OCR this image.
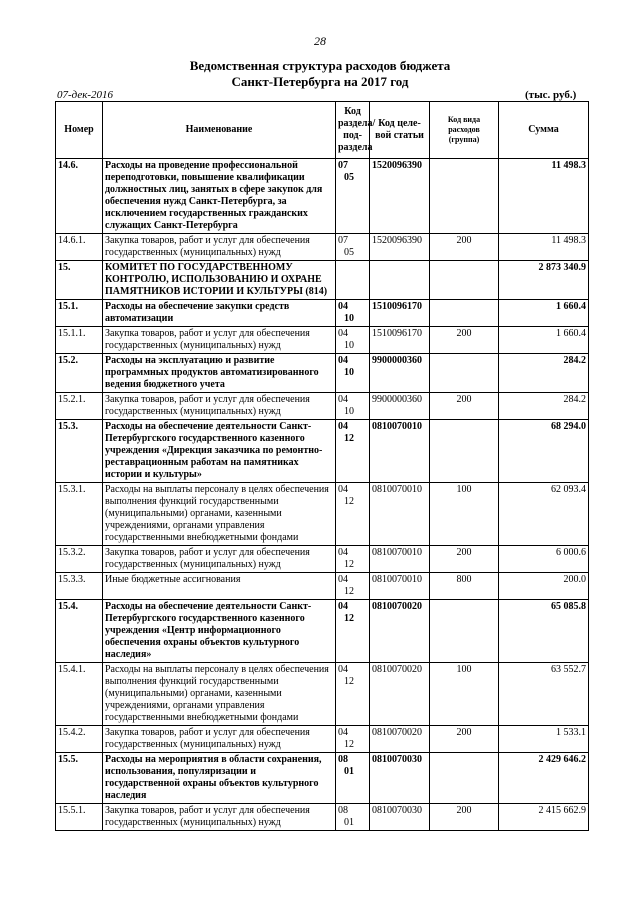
28
Ведомственная структура расходов бюджета
Санкт-Петербурга на 2017 год
07-дек-2016	(тыс. руб.)
Номер	Наименование	Код раздела/ под- раздела	Код целе- вой статьи	Код вида расходов (группа)	Сумма
14.6.	Расходы на проведение профессиональной переподготовки, повышение квалификации должностных лиц, занятых в сфере закупок для обеспечения нужд Санкт-Петербурга, за исключением государственных гражданских служащих Санкт-Петербурга	0705	1520096390		11 498.3
14.6.1.	Закупка товаров, работ и услуг для обеспечения государственных (муниципальных) нужд	0705	1520096390	200	11 498.3
15.	КОМИТЕТ ПО ГОСУДАРСТВЕННОМУ КОНТРОЛЮ, ИСПОЛЬЗОВАНИЮ И ОХРАНЕ ПАМЯТНИКОВ ИСТОРИИ И КУЛЬТУРЫ (814)				2 873 340.9
15.1.	Расходы на обеспечение закупки средств автоматизации	0410	1510096170		1 660.4
15.1.1.	Закупка товаров, работ и услуг для обеспечения государственных (муниципальных) нужд	0410	1510096170	200	1 660.4
15.2.	Расходы на эксплуатацию и развитие программных продуктов автоматизированного ведения бюджетного учета	0410	9900000360		284.2
15.2.1.	Закупка товаров, работ и услуг для обеспечения государственных (муниципальных) нужд	0410	9900000360	200	284.2
15.3.	Расходы на обеспечение деятельности Санкт-Петербургского государственного казенного учреждения «Дирекция заказчика по ремонтно-реставрационным работам на памятниках истории и культуры»	0412	0810070010		68 294.0
15.3.1.	Расходы на выплаты персоналу в целях обеспечения выполнения функций государственными (муниципальными) органами, казенными учреждениями, органами управления государственными внебюджетными фондами	0412	0810070010	100	62 093.4
15.3.2.	Закупка товаров, работ и услуг для обеспечения государственных (муниципальных) нужд	0412	0810070010	200	6 000.6
15.3.3.	Иные бюджетные ассигнования	0412	0810070010	800	200.0
15.4.	Расходы на обеспечение деятельности Санкт-Петербургского государственного казенного учреждения «Центр информационного обеспечения охраны объектов культурного наследия»	0412	0810070020		65 085.8
15.4.1.	Расходы на выплаты персоналу в целях обеспечения выполнения функций государственными (муниципальными) органами, казенными учреждениями, органами управления государственными внебюджетными фондами	0412	0810070020	100	63 552.7
15.4.2.	Закупка товаров, работ и услуг для обеспечения государственных (муниципальных) нужд	0412	0810070020	200	1 533.1
15.5.	Расходы на мероприятия в области сохранения, использования, популяризации и государственной охраны объектов культурного наследия	0801	0810070030		2 429 646.2
15.5.1.	Закупка товаров, работ и услуг для обеспечения государственных (муниципальных) нужд	0801	0810070030	200	2 415 662.9
